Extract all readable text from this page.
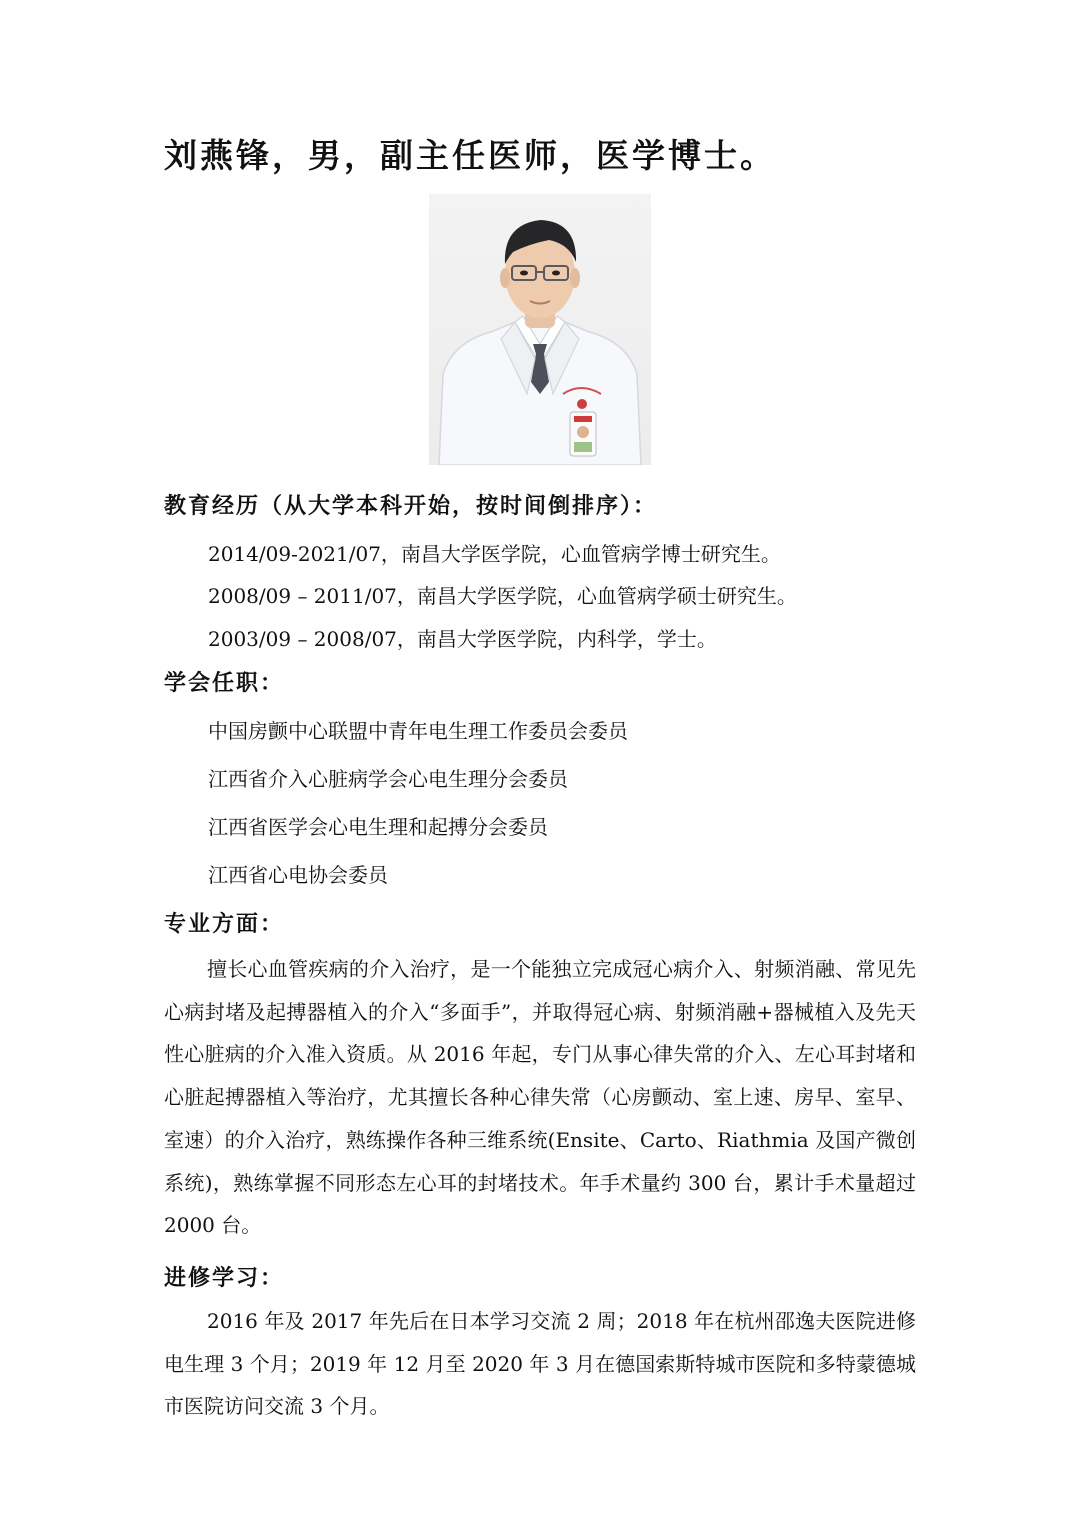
刘燕锋，男，副主任医师，医学博士。
教育经历（从大学本科开始，按时间倒排序）：
2014/09-2021/07，南昌大学医学院，心血管病学博士研究生。
2008/09 – 2011/07，南昌大学医学院，心血管病学硕士研究生。
2003/09 – 2008/07，南昌大学医学院，内科学，学士。
学会任职：
中国房颤中心联盟中青年电生理工作委员会委员
江西省介入心脏病学会心电生理分会委员
江西省医学会心电生理和起搏分会委员
江西省心电协会委员
专业方面：
擅长心血管疾病的介入治疗，是一个能独立完成冠心病介入、射频消融、常见先心病封堵及起搏器植入的介入“多面手”，并取得冠心病、射频消融+器械植入及先天性心脏病的介入准入资质。从 2016 年起，专门从事心律失常的介入、左心耳封堵和心脏起搏器植入等治疗，尤其擅长各种心律失常（心房颤动、室上速、房早、室早、室速）的介入治疗，熟练操作各种三维系统(Ensite、Carto、Riathmia 及国产微创系统)，熟练掌握不同形态左心耳的封堵技术。年手术量约 300 台，累计手术量超过 2000 台。
进修学习：
2016 年及 2017 年先后在日本学习交流 2 周；2018 年在杭州邵逸夫医院进修电生理 3 个月；2019 年 12 月至 2020 年 3 月在德国索斯特城市医院和多特蒙德城市医院访问交流 3 个月。
